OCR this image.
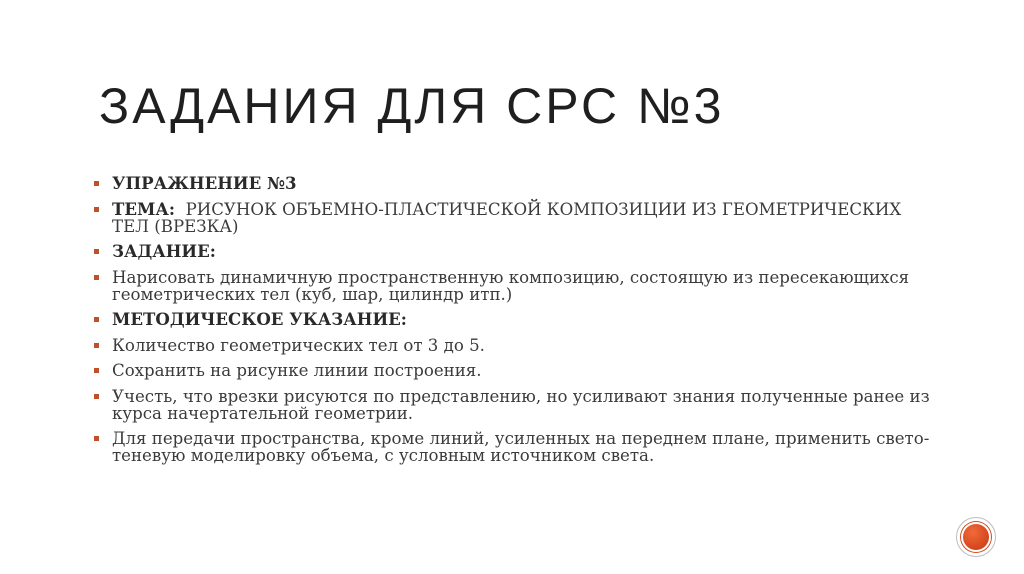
ЗАДАНИЯ ДЛЯ СРС №3
УПРАЖНЕНИЕ №3
ТЕМА:  РИСУНОК ОБЪЕМНО-ПЛАСТИЧЕСКОЙ КОМПОЗИЦИИ ИЗ ГЕОМЕТРИЧЕСКИХ ТЕЛ (ВРЕЗКА)
ЗАДАНИЕ:
Нарисовать динамичную пространственную композицию, состоящую из пересекающихся геометрических тел (куб, шар, цилиндр итп.)
МЕТОДИЧЕСКОЕ УКАЗАНИЕ:
Количество геометрических тел от 3 до 5.
Сохранить на рисунке линии построения.
Учесть, что врезки рисуются по представлению, но усиливают знания полученные ранее из курса начертательной геометрии.
Для передачи пространства, кроме линий, усиленных на переднем плане, применить свето-теневую моделировку объема, с условным источником света.
